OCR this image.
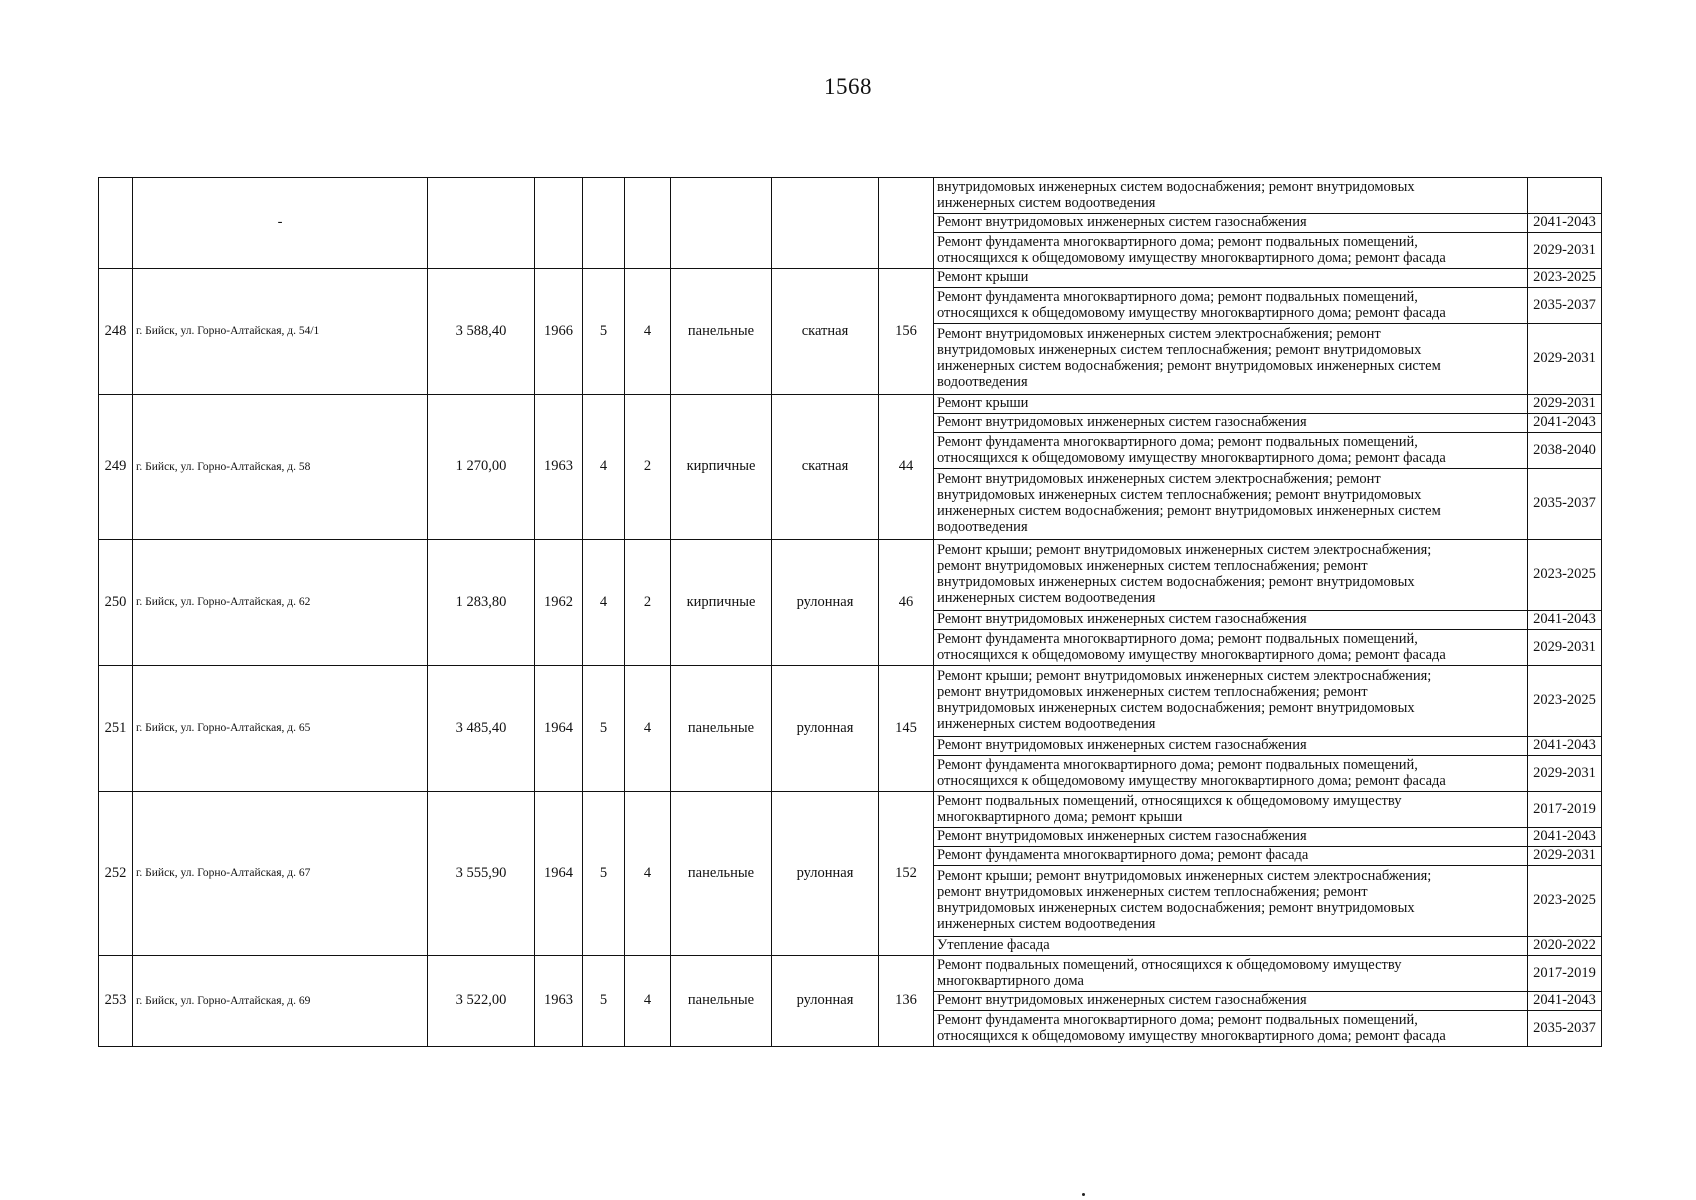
1568
	-								внутридомовых инженерных систем водоснабжения; ремонт внутридомовых
инженерных систем водоотведения	
									Ремонт внутридомовых инженерных систем газоснабжения	2041-2043
									Ремонт фундамента многоквартирного дома; ремонт подвальных помещений,
относящихся к общедомовому имуществу многоквартирного дома; ремонт фасада	2029-2031
248	г. Бийск, ул. Горно-Алтайская, д. 54/1	3 588,40	1966	5	4	панельные	скатная	156	Ремонт крыши	2023-2025
									Ремонт фундамента многоквартирного дома; ремонт подвальных помещений,
относящихся к общедомовому имуществу многоквартирного дома; ремонт фасада	2035-2037
									Ремонт внутридомовых инженерных систем электроснабжения; ремонт
внутридомовых инженерных систем теплоснабжения; ремонт внутридомовых
инженерных систем водоснабжения; ремонт внутридомовых инженерных систем
водоотведения	2029-2031
249	г. Бийск, ул. Горно-Алтайская, д. 58	1 270,00	1963	4	2	кирпичные	скатная	44	Ремонт крыши	2029-2031
									Ремонт внутридомовых инженерных систем газоснабжения	2041-2043
									Ремонт фундамента многоквартирного дома; ремонт подвальных помещений,
относящихся к общедомовому имуществу многоквартирного дома; ремонт фасада	2038-2040
									Ремонт внутридомовых инженерных систем электроснабжения; ремонт
внутридомовых инженерных систем теплоснабжения; ремонт внутридомовых
инженерных систем водоснабжения; ремонт внутридомовых инженерных систем
водоотведения	2035-2037
250	г. Бийск, ул. Горно-Алтайская, д. 62	1 283,80	1962	4	2	кирпичные	рулонная	46	Ремонт крыши; ремонт внутридомовых инженерных систем электроснабжения;
ремонт внутридомовых инженерных систем теплоснабжения; ремонт
внутридомовых инженерных систем водоснабжения; ремонт внутридомовых
инженерных систем водоотведения	2023-2025
									Ремонт внутридомовых инженерных систем газоснабжения	2041-2043
									Ремонт фундамента многоквартирного дома; ремонт подвальных помещений,
относящихся к общедомовому имуществу многоквартирного дома; ремонт фасада	2029-2031
251	г. Бийск, ул. Горно-Алтайская, д. 65	3 485,40	1964	5	4	панельные	рулонная	145	Ремонт крыши; ремонт внутридомовых инженерных систем электроснабжения;
ремонт внутридомовых инженерных систем теплоснабжения; ремонт
внутридомовых инженерных систем водоснабжения; ремонт внутридомовых
инженерных систем водоотведения	2023-2025
									Ремонт внутридомовых инженерных систем газоснабжения	2041-2043
									Ремонт фундамента многоквартирного дома; ремонт подвальных помещений,
относящихся к общедомовому имуществу многоквартирного дома; ремонт фасада	2029-2031
252	г. Бийск, ул. Горно-Алтайская, д. 67	3 555,90	1964	5	4	панельные	рулонная	152	Ремонт подвальных помещений, относящихся к общедомовому имуществу
многоквартирного дома; ремонт крыши	2017-2019
									Ремонт внутридомовых инженерных систем газоснабжения	2041-2043
									Ремонт фундамента многоквартирного дома; ремонт фасада	2029-2031
									Ремонт крыши; ремонт внутридомовых инженерных систем электроснабжения;
ремонт внутридомовых инженерных систем теплоснабжения; ремонт
внутридомовых инженерных систем водоснабжения; ремонт внутридомовых
инженерных систем водоотведения	2023-2025
									Утепление фасада	2020-2022
253	г. Бийск, ул. Горно-Алтайская, д. 69	3 522,00	1963	5	4	панельные	рулонная	136	Ремонт подвальных помещений, относящихся к общедомовому имуществу
многоквартирного дома	2017-2019
									Ремонт внутридомовых инженерных систем газоснабжения	2041-2043
									Ремонт фундамента многоквартирного дома; ремонт подвальных помещений,
относящихся к общедомовому имуществу многоквартирного дома; ремонт фасада	2035-2037
